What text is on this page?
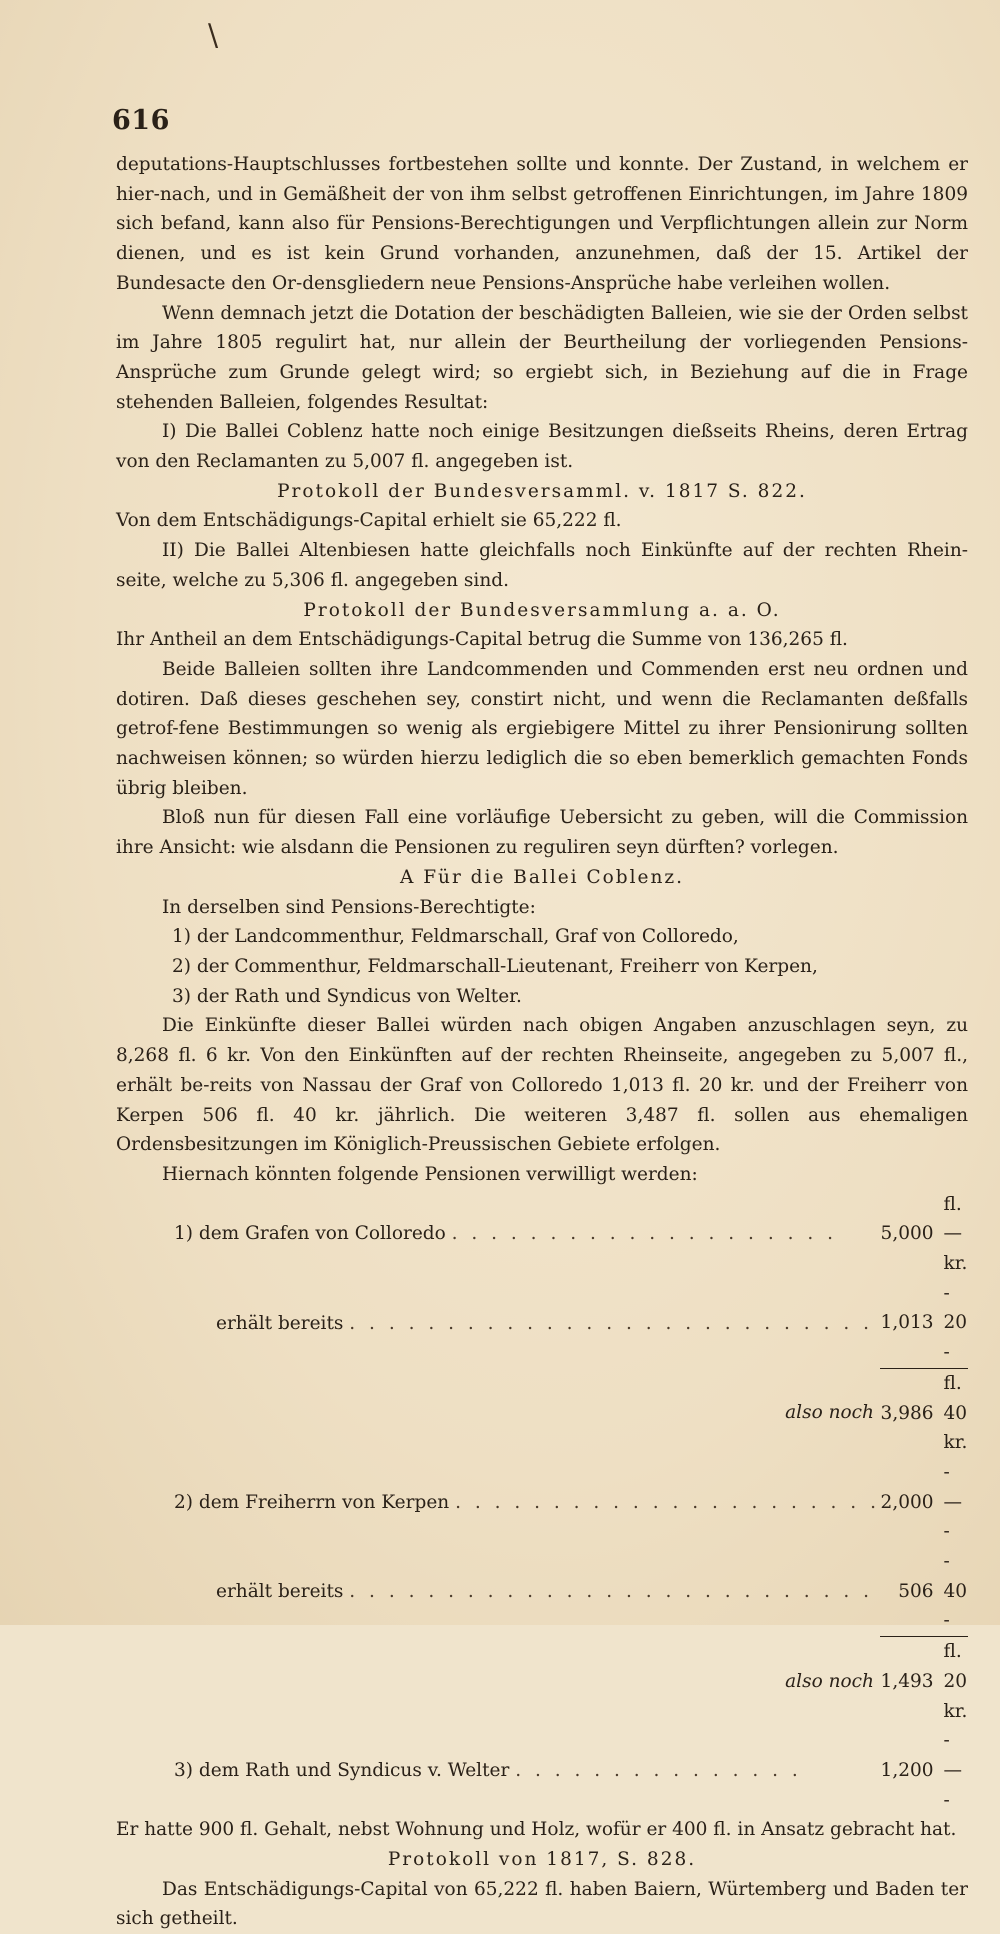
\
616

deputations-Hauptschlusses fortbestehen sollte und konnte. Der Zustand, in welchem er hier-nach, und in Gemäßheit der von ihm selbst getroffenen Einrichtungen, im Jahre 1809 sich befand, kann also für Pensions-Berechtigungen und Verpflichtungen allein zur Norm dienen, und es ist kein Grund vorhanden, anzunehmen, daß der 15. Artikel der Bundesacte den Or-densgliedern neue Pensions-Ansprüche habe verleihen wollen.

Wenn demnach jetzt die Dotation der beschädigten Balleien, wie sie der Orden selbst im Jahre 1805 regulirt hat, nur allein der Beurtheilung der vorliegenden Pensions-Ansprüche zum Grunde gelegt wird; so ergiebt sich, in Beziehung auf die in Frage stehenden Balleien, folgendes Resultat:

I) Die Ballei Coblenz hatte noch einige Besitzungen dießseits Rheins, deren Ertrag von den Reclamanten zu 5,007 fl. angegeben ist.

Protokoll der Bundesversamml. v. 1817 S. 822.

Von dem Entschädigungs-Capital erhielt sie 65,222 fl.

II) Die Ballei Altenbiesen hatte gleichfalls noch Einkünfte auf der rechten Rhein-seite, welche zu 5,306 fl. angegeben sind.

Protokoll der Bundesversammlung a. a. O.

Ihr Antheil an dem Entschädigungs-Capital betrug die Summe von 136,265 fl.

Beide Balleien sollten ihre Landcommenden und Commenden erst neu ordnen und dotiren. Daß dieses geschehen sey, constirt nicht, und wenn die Reclamanten deßfalls getrof-fene Bestimmungen so wenig als ergiebigere Mittel zu ihrer Pensionirung sollten nachweisen können; so würden hierzu lediglich die so eben bemerklich gemachten Fonds übrig bleiben.

Bloß nun für diesen Fall eine vorläufige Uebersicht zu geben, will die Commission ihre Ansicht: wie alsdann die Pensionen zu reguliren seyn dürften? vorlegen.

A Für die Ballei Coblenz.

In derselben sind Pensions-Berechtigte:

1) der Landcommenthur, Feldmarschall, Graf von Colloredo,

2) der Commenthur, Feldmarschall-Lieutenant, Freiherr von Kerpen,

3) der Rath und Syndicus von Welter.

Die Einkünfte dieser Ballei würden nach obigen Angaben anzuschlagen seyn, zu 8,268 fl. 6 kr. Von den Einkünften auf der rechten Rheinseite, angegeben zu 5,007 fl., erhält be-reits von Nassau der Graf von Colloredo 1,013 fl. 20 kr. und der Freiherr von Kerpen 506 fl. 40 kr. jährlich. Die weiteren 3,487 fl. sollen aus ehemaligen Ordensbesitzungen im Königlich-Preussischen Gebiete erfolgen.

Hiernach könnten folgende Pensionen verwilligt werden:

1) dem Grafen von Colloredo . . . . . . . . . . . . . . . . . . . .	5,000	fl. — kr.
erhält bereits . . . . . . . . . . . . . . . . . . . . . . . . . . .	1,013	- 20 -
also noch	3,986	fl. 40 kr.
2) dem Freiherrn von Kerpen . . . . . . . . . . . . . . . . . . . . . .	2,000	- — -
erhält bereits . . . . . . . . . . . . . . . . . . . . . . . . . . .	506	- 40 -
also noch	1,493	fl. 20 kr.
3) dem Rath und Syndicus v. Welter . . . . . . . . . . . . . . .	1,200	- — -

Er hatte 900 fl. Gehalt, nebst Wohnung und Holz, wofür er 400 fl. in Ansatz gebracht hat.

Protokoll von 1817, S. 828.

Das Entschädigungs-Capital von 65,222 fl. haben Baiern, Würtemberg und Baden ter sich getheilt.
